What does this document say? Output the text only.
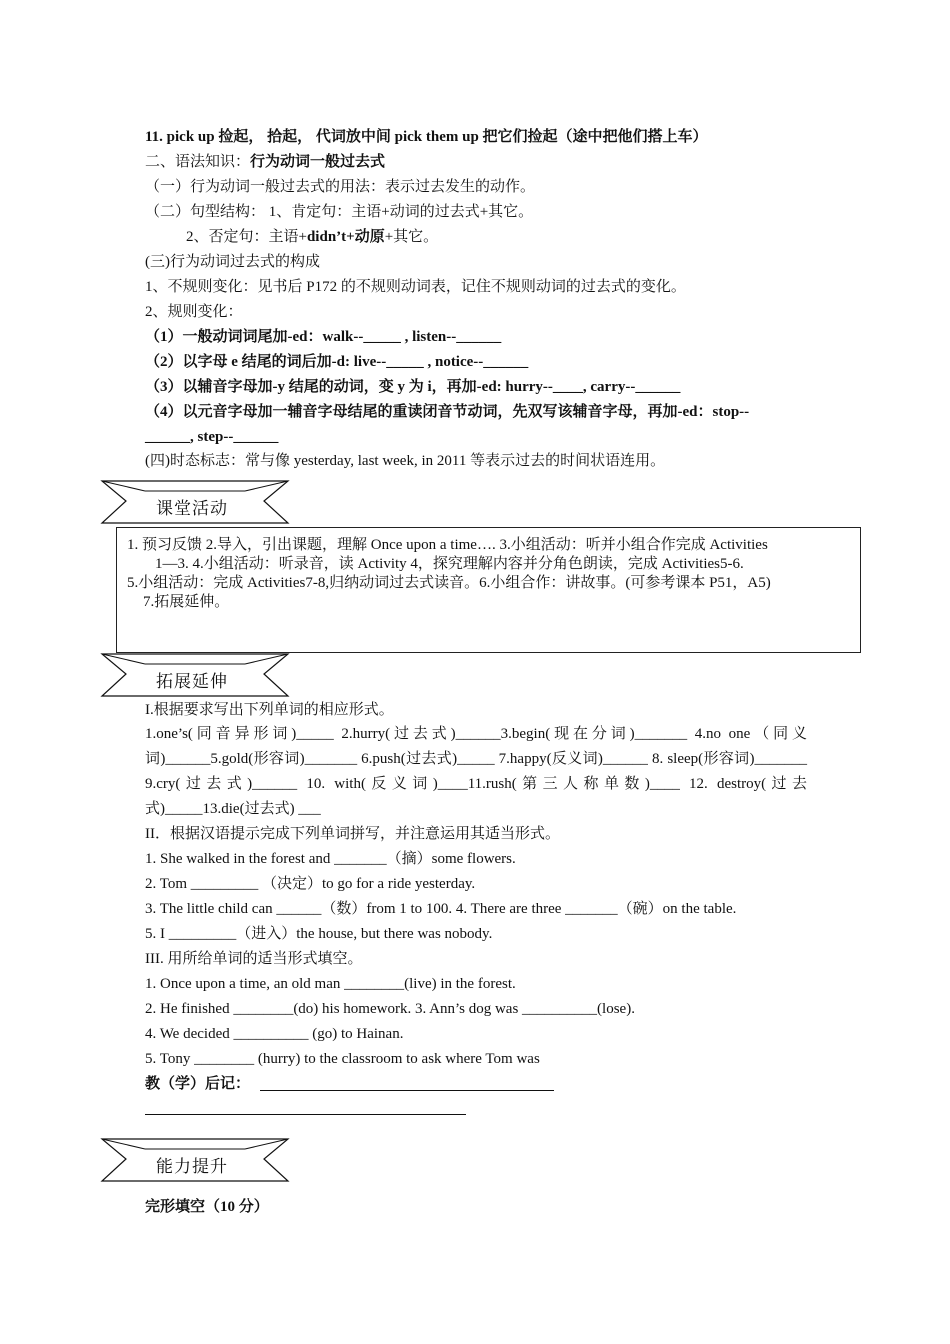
11. pick up 捡起， 拾起， 代词放中间 pick them up 把它们捡起（途中把他们搭上车）
二、语法知识：行为动词一般过去式
（一）行为动词一般过去式的用法：表示过去发生的动作。
（二）句型结构： 1、肯定句：主语+动词的过去式+其它。
2、否定句：主语+didn’t+动原+其它。
(三)行为动词过去式的构成
1、不规则变化：见书后 P172 的不规则动词表，记住不规则动词的过去式的变化。
2、规则变化：
（1）一般动词词尾加-ed：walk--_____ , listen--______
（2）以字母 e 结尾的词后加-d: live--_____ , notice--______
（3）以辅音字母加-y 结尾的动词，变 y 为 i，再加-ed: hurry--____, carry--______
（4）以元音字母加一辅音字母结尾的重读闭音节动词，先双写该辅音字母，再加-ed：stop--
______, step--______
(四)时态标志：常与像 yesterday, last week, in 2011 等表示过去的时间状语连用。
课堂活动
1. 预习反馈 2.导入，引出课题，理解 Once upon a time…. 3.小组活动：听并小组合作完成 Activities
1—3. 4.小组活动：听录音，读 Activity 4，探究理解内容并分角色朗读，完成 Activities5-6.
5.小组活动：完成 Activities7-8,归纳动词过去式读音。6.小组合作：讲故事。(可参考课本 P51，A5)
7.拓展延伸。
拓展延伸
I.根据要求写出下列单词的相应形式。
1.one’s(同音异形词)_____ 2.hurry(过去式)______3.begin(现在分词)_______ 4.no one（同义词)______5.gold(形容词)_______ 6.push(过去式)_____ 7.happy(反义词)______ 8. sleep(形容词)_______ 9.cry(过去式)______ 10. with(反义词)____11.rush(第三人称单数)____ 12. destroy(过去式)_____13.die(过去式) ___
II．根据汉语提示完成下列单词拼写，并注意运用其适当形式。
1. She walked in the forest and _______（摘）some flowers.
2. Tom _________ （决定）to go for a ride yesterday.
3. The little child can ______（数）from 1 to 100. 4. There are three _______（碗）on the table.
5. I _________（进入）the house, but there was nobody.
III. 用所给单词的适当形式填空。
1. Once upon a time, an old man ________(live) in the forest.
2. He finished ________(do) his homework. 3. Ann’s dog was __________(lose).
4. We decided __________ (go) to Hainan.
5. Tony ________ (hurry) to the classroom to ask where Tom was
教（学）后记：
能力提升
完形填空（10 分）
